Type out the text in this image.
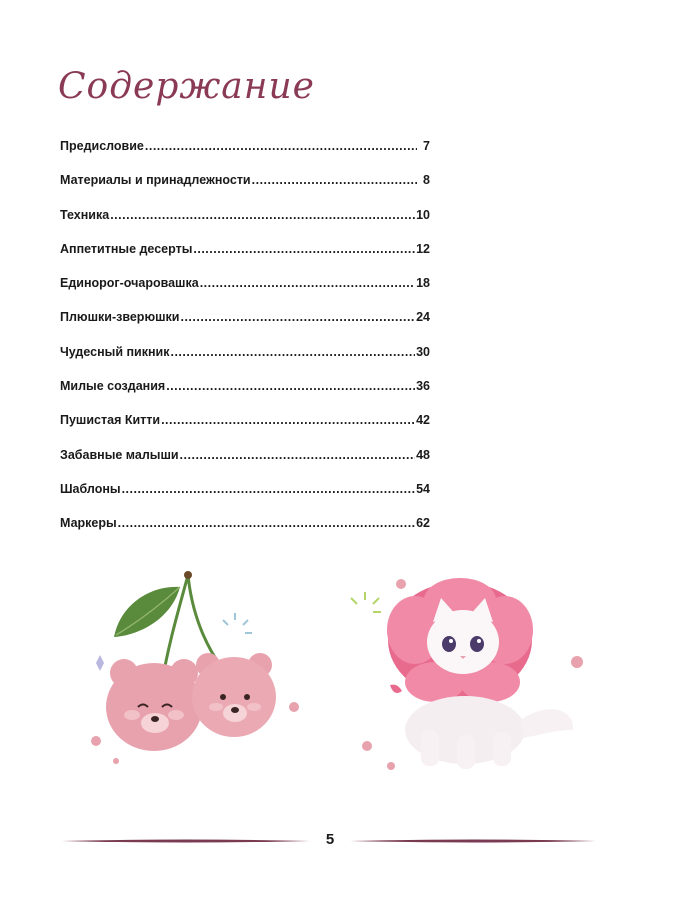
Содержание
Предисловие .....	7
Материалы и принадлежности .....	8
Техника .....	10
Аппетитные десерты .....	12
Единорог-очаровашка .....	18
Плюшки-зверюшки .....	24
Чудесный пикник .....	30
Милые создания .....	36
Пушистая Китти .....	42
Забавные малыши .....	48
Шаблоны .....	54
Маркеры .....	62
5
